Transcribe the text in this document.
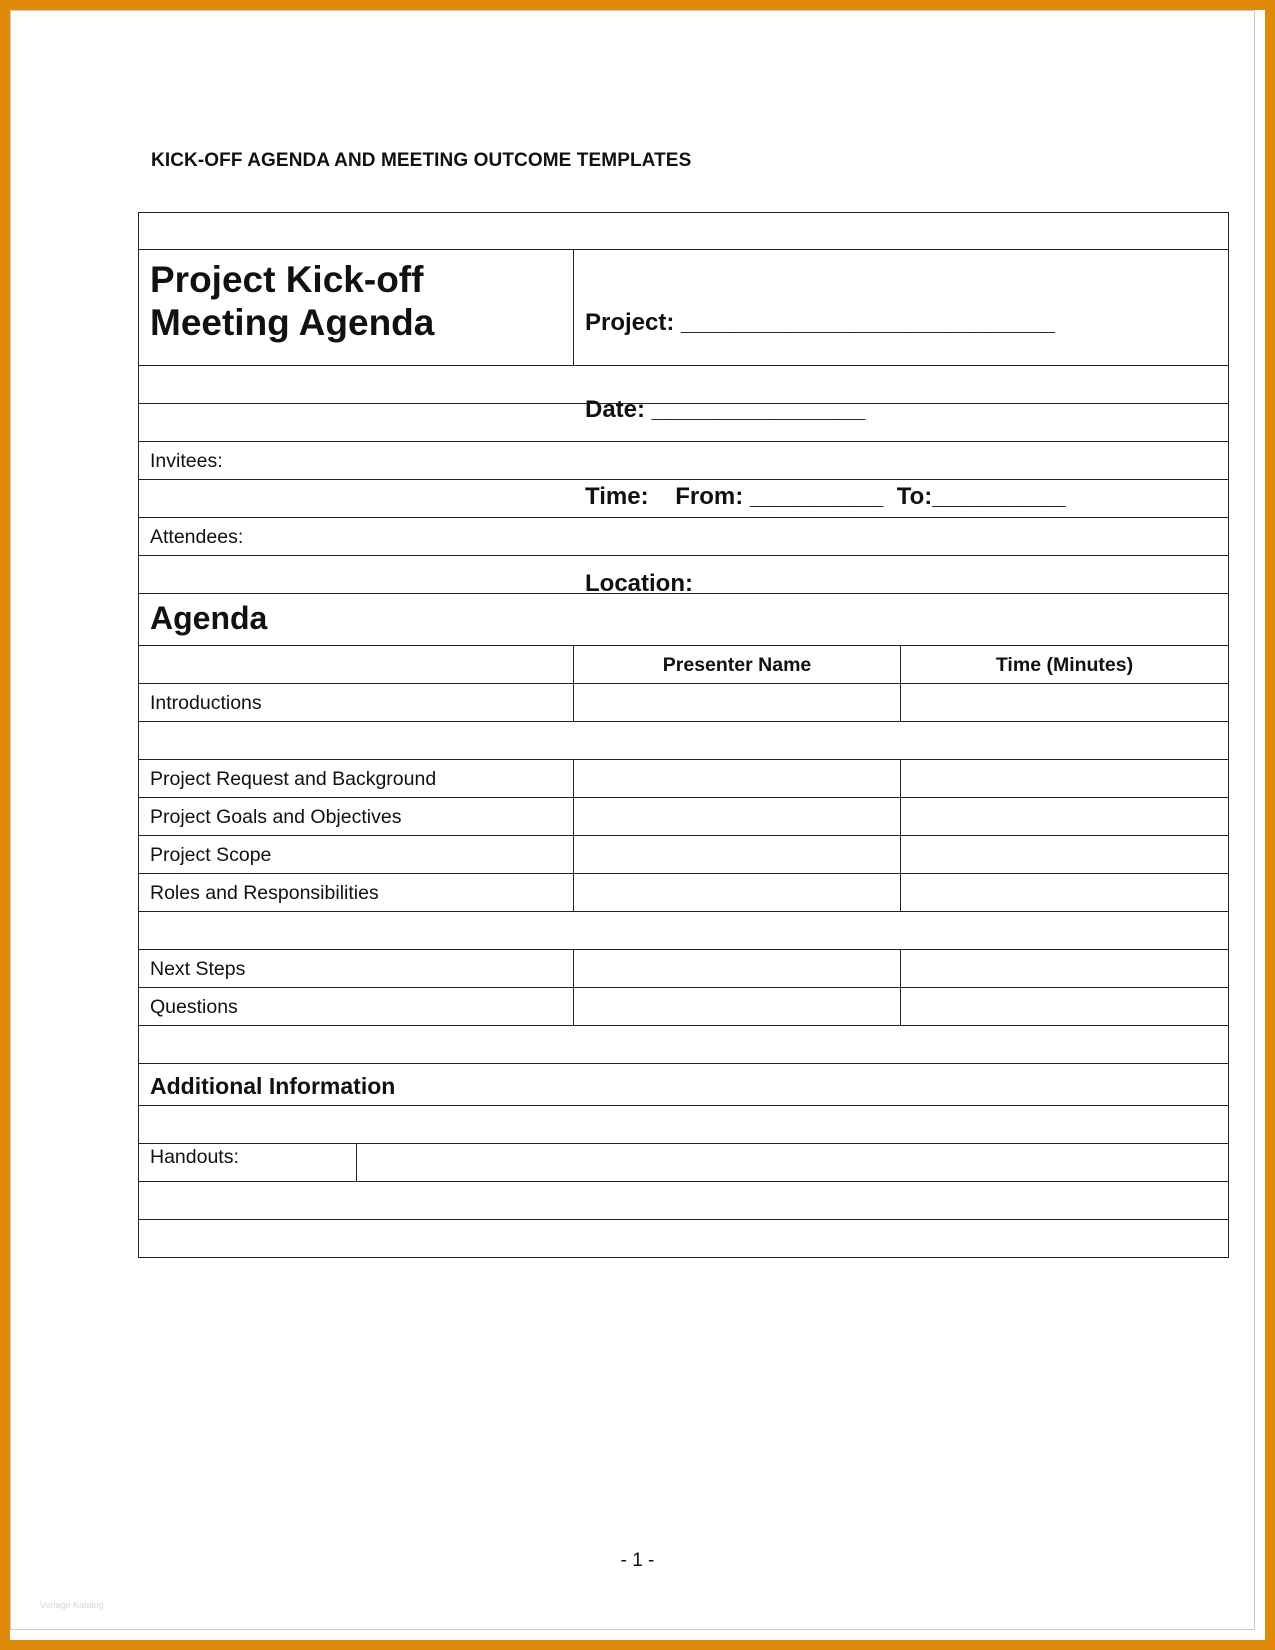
KICK-OFF AGENDA AND MEETING OUTCOME TEMPLATES
Project Kick-off
Meeting Agenda

	Project: ____________________________

Date: ________________

Time:    From: __________  To:__________

Location: ____________________________

Invitees:
Attendees:
Agenda
Presenter Name	Time (Minutes)
Introductions
Project Request and Background
Project Goals and Objectives
Project Scope
Roles and Responsibilities
Next Steps
Questions
Additional Information
Handouts:
- 1 -
Vorlage Katalog
